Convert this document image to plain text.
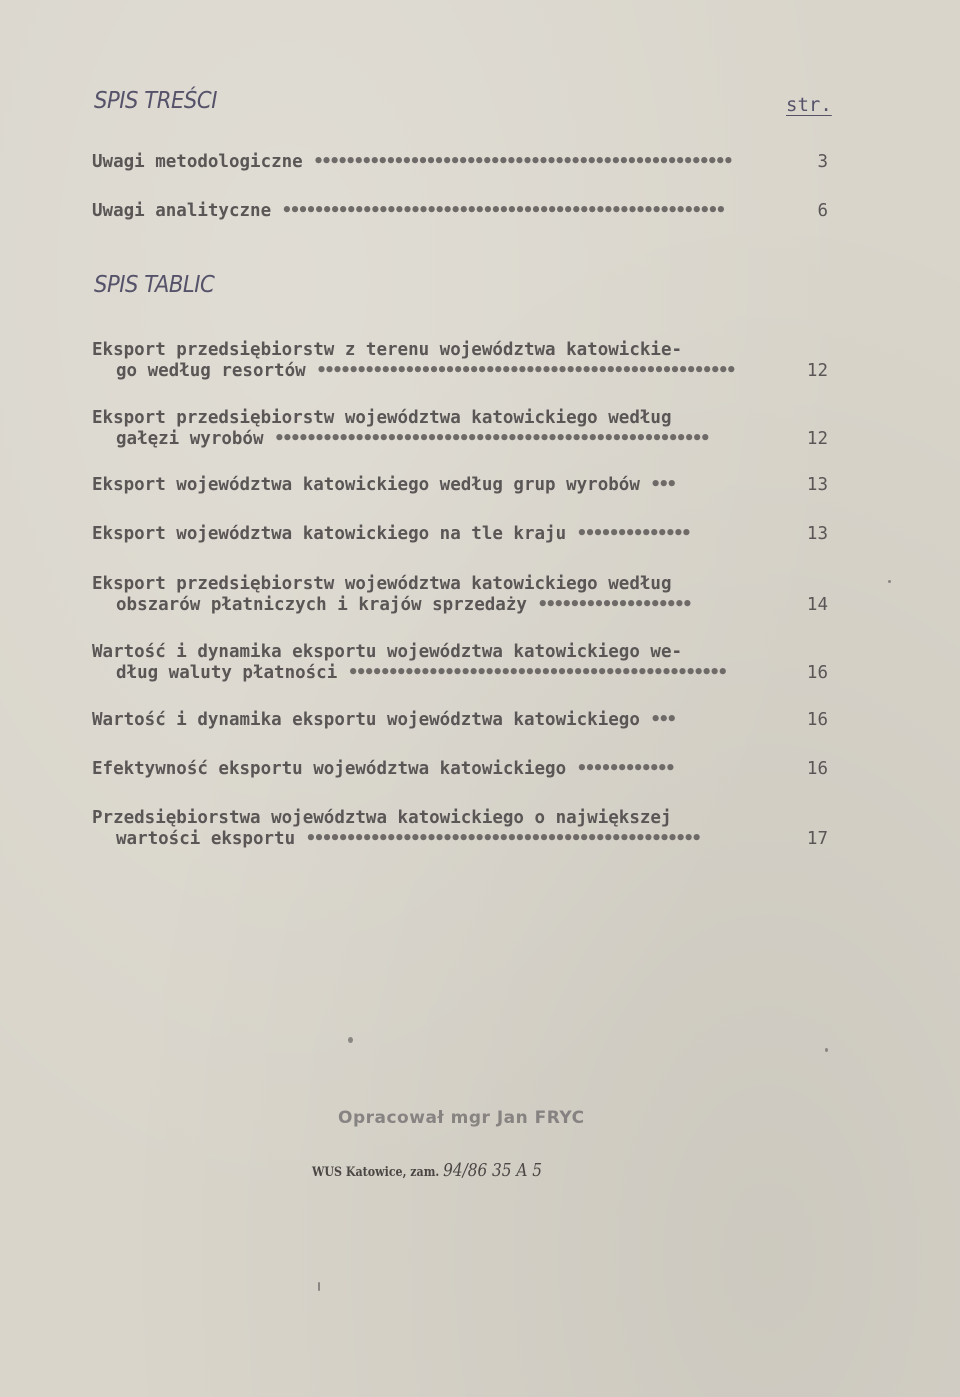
SPIS TREŚCI	str.
Uwagi metodologiczne ••••••••••••••••••••••••••••••••••••••••••••••••••••	3
Uwagi analityczne •••••••••••••••••••••••••••••••••••••••••••••••••••••••	6
SPIS TABLIC
Eksport przedsiębiorstw z terenu województwa katowickie-
go według resortów ••••••••••••••••••••••••••••••••••••••••••••••••••••	12
Eksport przedsiębiorstw województwa katowickiego według
gałęzi wyrobów ••••••••••••••••••••••••••••••••••••••••••••••••••••••	12
Eksport województwa katowickiego według grup wyrobów •••	13
Eksport województwa katowickiego na tle kraju ••••••••••••••	13
Eksport przedsiębiorstw województwa katowickiego według
obszarów płatniczych i krajów sprzedaży •••••••••••••••••••	14
Wartość i dynamika eksportu województwa katowickiego we-
dług waluty płatności •••••••••••••••••••••••••••••••••••••••••••••••	16
Wartość i dynamika eksportu województwa katowickiego •••	16
Efektywność eksportu województwa katowickiego ••••••••••••	16
Przedsiębiorstwa województwa katowickiego o największej
wartości eksportu •••••••••••••••••••••••••••••••••••••••••••••••••	17
Opracował mgr Jan FRYC
WUS Katowice, zam. 94/86 35 A 5
